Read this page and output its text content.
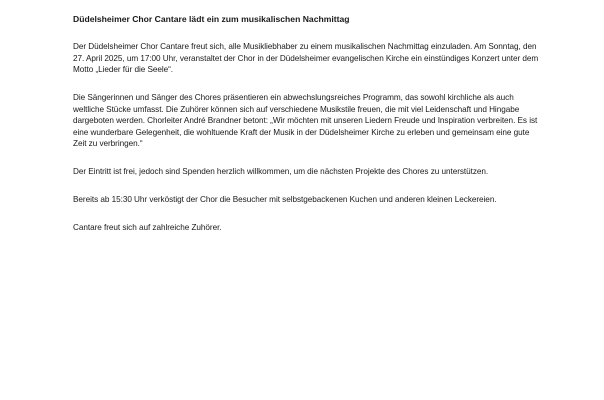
Düdelsheimer Chor Cantare lädt ein zum musikalischen Nachmittag

Der Düdelsheimer Chor Cantare freut sich, alle Musikliebhaber zu einem musikalischen Nachmittag einzuladen. Am Sonntag, den 27. April 2025, um 17:00 Uhr, veranstaltet der Chor in der Düdelsheimer evangelischen Kirche ein einstündiges Konzert unter dem Motto „Lieder für die Seele“.

Die Sängerinnen und Sänger des Chores präsentieren ein abwechslungsreiches Programm, das sowohl kirchliche als auch weltliche Stücke umfasst. Die Zuhörer können sich auf verschiedene Musikstile freuen, die mit viel Leidenschaft und Hingabe dargeboten werden. Chorleiter André Brandner betont: „Wir möchten mit unseren Liedern Freude und Inspiration verbreiten. Es ist eine wunderbare Gelegenheit, die wohltuende Kraft der Musik in der Düdelsheimer Kirche zu erleben und gemeinsam eine gute Zeit zu verbringen.“

Der Eintritt ist frei, jedoch sind Spenden herzlich willkommen, um die nächsten Projekte des Chores zu unterstützen.

Bereits ab 15:30 Uhr verköstigt der Chor die Besucher mit selbstgebackenen Kuchen und anderen kleinen Leckereien.

Cantare freut sich auf zahlreiche Zuhörer.
